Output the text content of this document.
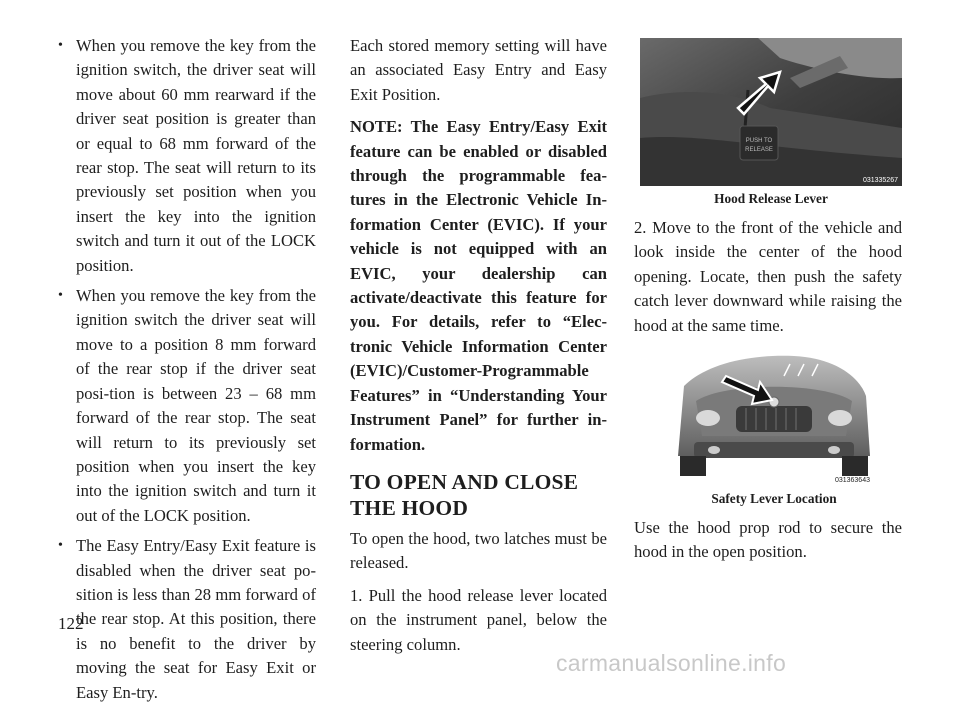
• When you remove the key from the ignition switch, the driver seat will move about 60 mm rearward if the driver seat position is greater than or equal to 68 mm forward of the rear stop. The seat will return to its previously set position when you insert the key into the ignition switch and turn it out of the LOCK position.
• When you remove the key from the ignition switch the driver seat will move to a position 8 mm forward of the rear stop if the driver seat posi-tion is between 23 – 68 mm forward of the rear stop. The seat will return to its previously set position when you insert the key into the ignition switch and turn it out of the LOCK position.
• The Easy Entry/Easy Exit feature is disabled when the driver seat po-sition is less than 28 mm forward of the rear stop. At this position, there is no benefit to the driver by moving the seat for Easy Exit or Easy En-try.

Each stored memory setting will have an associated Easy Entry and Easy Exit Position.

NOTE: The Easy Entry/Easy Exit feature can be enabled or disabled through the programmable fea-tures in the Electronic Vehicle In-formation Center (EVIC). If your vehicle is not equipped with an EVIC, your dealership can activate/deactivate this feature for you. For details, refer to “Elec-tronic Vehicle Information Center (EVIC)/Customer-Programmable Features” in “Understanding Your Instrument Panel” for further in-formation.

TO OPEN AND CLOSE
THE HOOD

To open the hood, two latches must be released.

1. Pull the hood release lever located on the instrument panel, below the steering column.

PUSH TO
RELEASE
031335267
Hood Release Lever

2. Move to the front of the vehicle and look inside the center of the hood opening. Locate, then push the safety catch lever downward while raising the hood at the same time.

031363643
Safety Lever Location

Use the hood prop rod to secure the hood in the open position.

122
carmanualsonline.info
